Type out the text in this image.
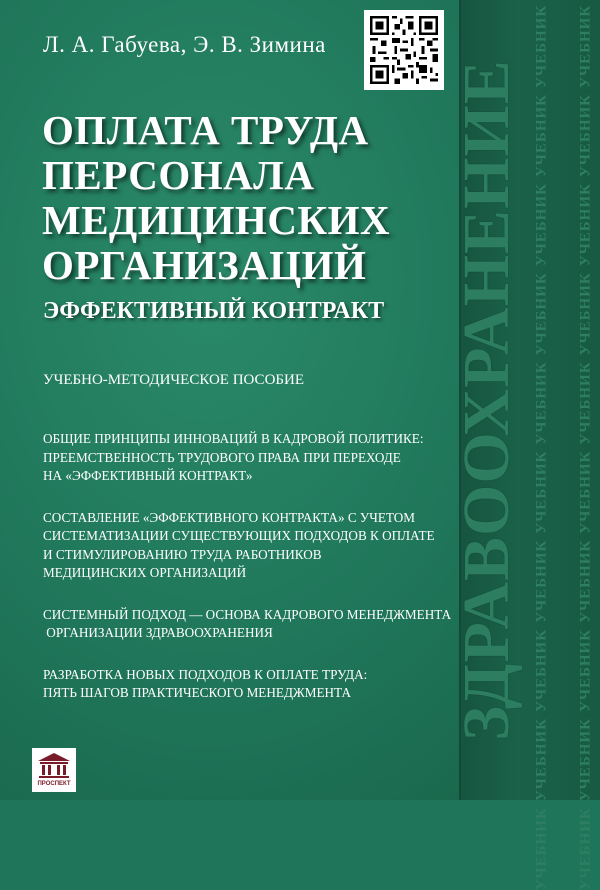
УЧЕБНИКУЧЕБНИКУЧЕБНИКУЧЕБНИКУЧЕБНИКУЧЕБНИКУЧЕБНИКУЧЕБНИКУЧЕБНИКУЧЕБНИК
УЧЕБНИКУЧЕБНИКУЧЕБНИКУЧЕБНИКУЧЕБНИКУЧЕБНИКУЧЕБНИКУЧЕБНИКУЧЕБНИКУЧЕБНИК
ЗДРАВООХРАНЕНИЕ
Л. А. Габуева, Э. В. Зимина
ОПЛАТА ТРУДА
ПЕРСОНАЛА
МЕДИЦИНСКИХ
ОРГАНИЗАЦИЙ
ЭФФЕКТИВНЫЙ КОНТРАКТ
УЧЕБНО-МЕТОДИЧЕСКОЕ ПОСОБИЕ
ОБЩИЕ ПРИНЦИПЫ ИННОВАЦИЙ В КАДРОВОЙ ПОЛИТИКЕ:
ПРЕЕМСТВЕННОСТЬ ТРУДОВОГО ПРАВА ПРИ ПЕРЕХОДЕ
НА «ЭФФЕКТИВНЫЙ КОНТРАКТ»
СОСТАВЛЕНИЕ «ЭФФЕКТИВНОГО КОНТРАКТА» С УЧЕТОМ
СИСТЕМАТИЗАЦИИ СУЩЕСТВУЮЩИХ ПОДХОДОВ К ОПЛАТЕ
И СТИМУЛИРОВАНИЮ ТРУДА РАБОТНИКОВ
МЕДИЦИНСКИХ ОРГАНИЗАЦИЙ
СИСТЕМНЫЙ ПОДХОД — ОСНОВА КАДРОВОГО МЕНЕДЖМЕНТА
ОРГАНИЗАЦИИ ЗДРАВООХРАНЕНИЯ
РАЗРАБОТКА НОВЫХ ПОДХОДОВ К ОПЛАТЕ ТРУДА:
ПЯТЬ ШАГОВ ПРАКТИЧЕСКОГО МЕНЕДЖМЕНТА
ПРОСПЕКТ
